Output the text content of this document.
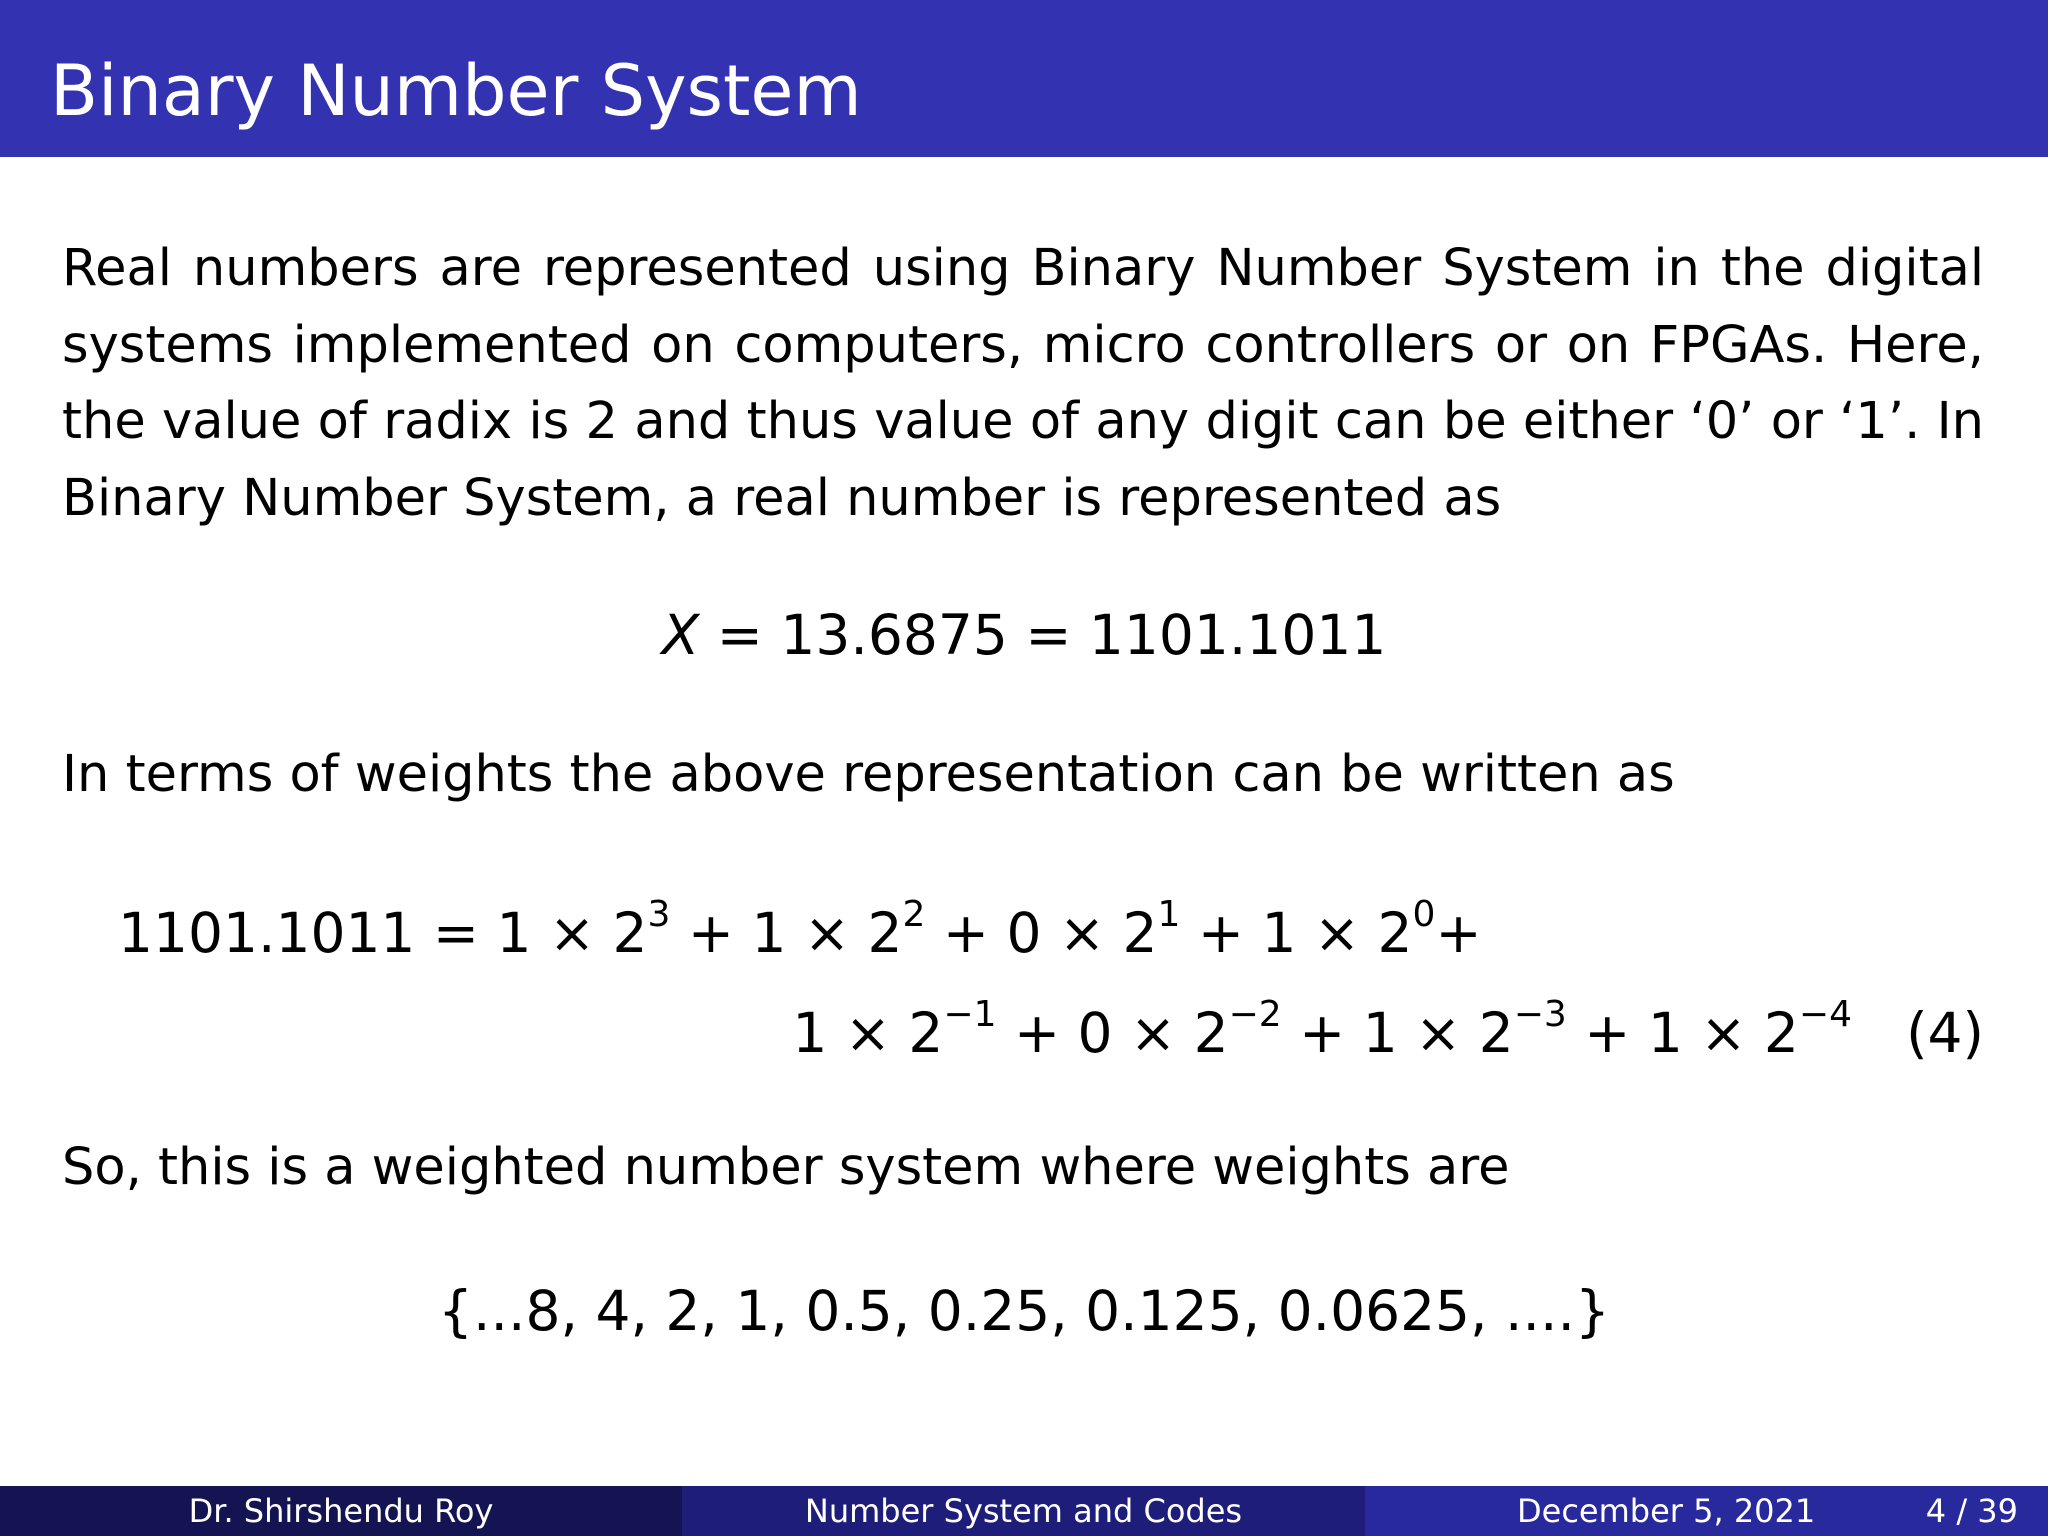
Binary Number System
Real numbers are represented using Binary Number System in the digital
systems implemented on computers, micro controllers or on FPGAs. Here,
the value of radix is 2 and thus value of any digit can be either ‘0’ or ‘1’. In
Binary Number System, a real number is represented as
X = 13.6875 = 1101.1011
In terms of weights the above representation can be written as
$1101.1011 = 1 \times 2^3 + 1 \times 2^2 + 0 \times 2^1 + 1 \times 2^0+$
$1 \times 2^{-1} + 0 \times 2^{-2} + 1 \times 2^{-3} + 1 \times 2^{-4}$ (4)
So, this is a weighted number system where weights are
{...8, 4, 2, 1, 0.5, 0.25, 0.125, 0.0625, ....}
Dr. Shirshendu Roy	Number System and Codes	December 5, 2021	4 / 39
